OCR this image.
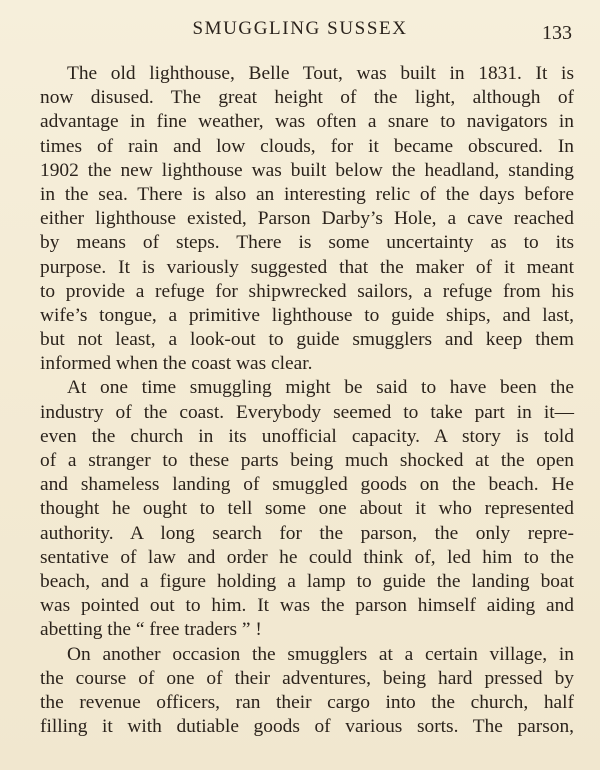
SMUGGLING SUSSEX	133
The old lighthouse, Belle Tout, was built in 1831. It is
now disused. The great height of the light, although of
advantage in fine weather, was often a snare to navigators in
times of rain and low clouds, for it became obscured. In
1902 the new lighthouse was built below the headland, standing
in the sea. There is also an interesting relic of the days before
either lighthouse existed, Parson Darby’s Hole, a cave reached
by means of steps. There is some uncertainty as to its
purpose. It is variously suggested that the maker of it meant
to provide a refuge for shipwrecked sailors, a refuge from his
wife’s tongue, a primitive lighthouse to guide ships, and last,
but not least, a look-out to guide smugglers and keep them
informed when the coast was clear.
At one time smuggling might be said to have been the
industry of the coast. Everybody seemed to take part in it—
even the church in its unofficial capacity. A story is told
of a stranger to these parts being much shocked at the open
and shameless landing of smuggled goods on the beach. He
thought he ought to tell some one about it who represented
authority. A long search for the parson, the only repre-
sentative of law and order he could think of, led him to the
beach, and a figure holding a lamp to guide the landing boat
was pointed out to him. It was the parson himself aiding and
abetting the “ free traders ” !
On another occasion the smugglers at a certain village, in
the course of one of their adventures, being hard pressed by
the revenue officers, ran their cargo into the church, half
filling it with dutiable goods of various sorts. The parson,
